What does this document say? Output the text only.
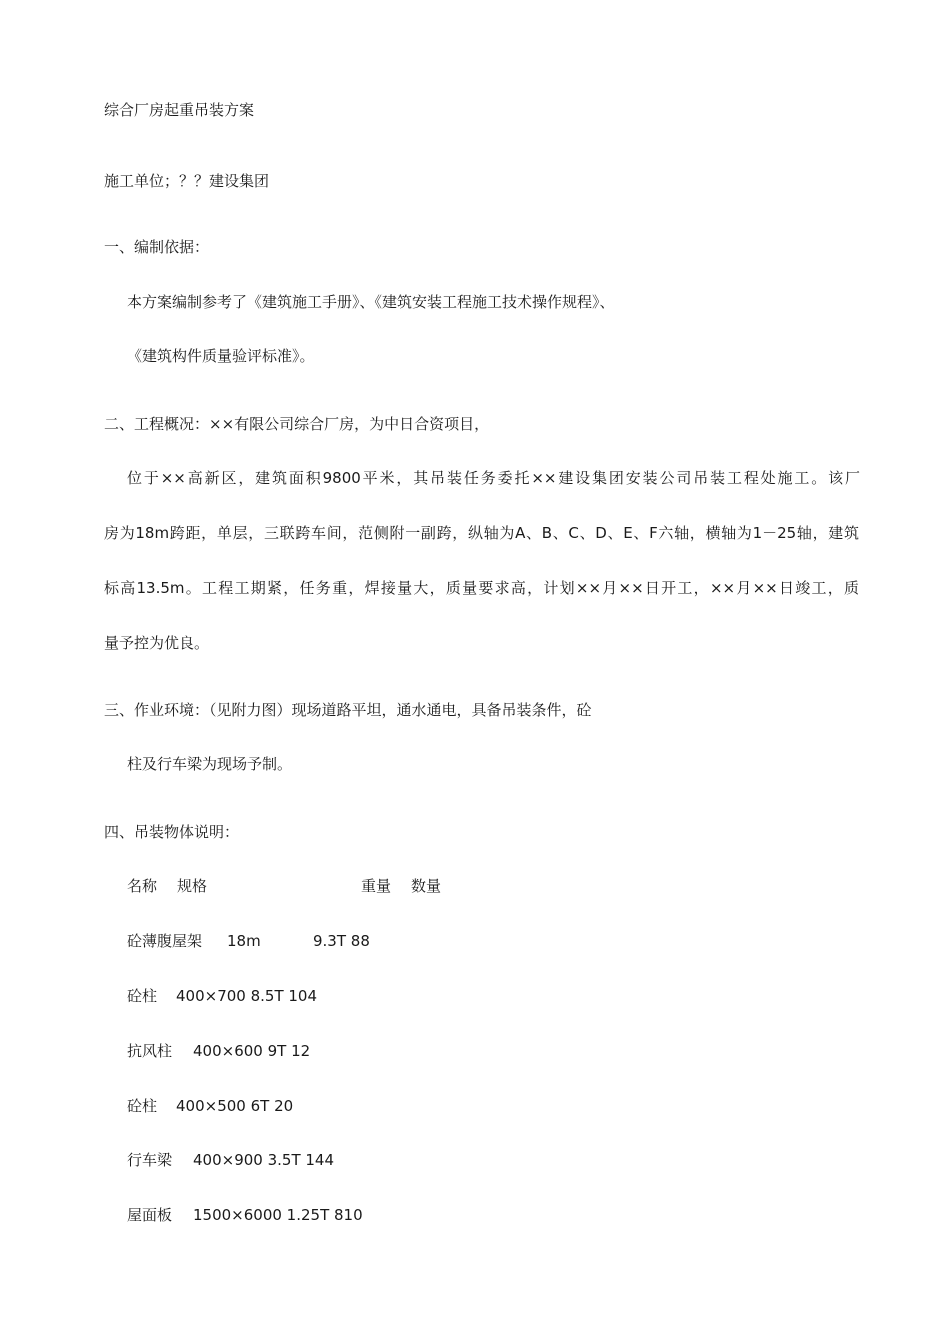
综合厂房起重吊装方案
施工单位；？？建设集团
一、编制依据：
本方案编制参考了《建筑施工手册》、《建筑安装工程施工技术操作规程》、
《建筑构件质量验评标准》。
二、工程概况：××有限公司综合厂房，为中日合资项目，
位于××高新区，建筑面积9800平米，其吊装任务委托××建设集团安装公司吊装工程处施工。该厂
房为18m跨距，单层，三联跨车间，范侧附一副跨，纵轴为A、B、C、D、E、F六轴，横轴为1－25轴，建筑
标高13.5m。工程工期紧，任务重，焊接量大，质量要求高，计划××月××日开工，××月××日竣工，质
量予控为优良。
三、作业环境：（见附力图）现场道路平坦，通水通电，具备吊装条件，砼
柱及行车梁为现场予制。
四、吊装物体说明：
名称 规格	重量 数量
砼薄腹屋架 18m	9.3T 88
砼柱 400×700 8.5T 104
抗风柱 400×600 9T 12
砼柱 400×500 6T 20
行车梁 400×900 3.5T 144
屋面板 1500×6000 1.25T 810
